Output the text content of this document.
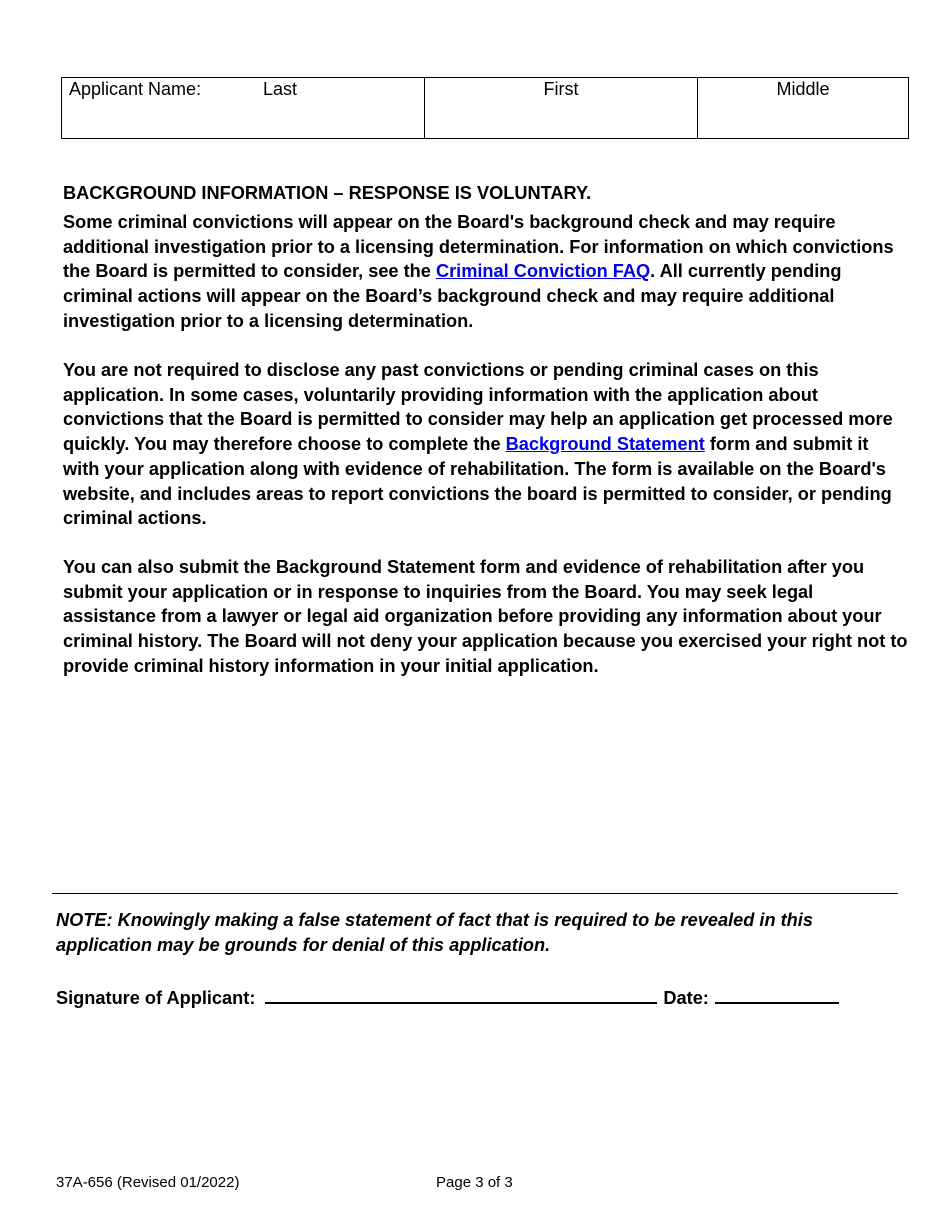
Applicant Name:	Last	First	Middle
BACKGROUND INFORMATION – RESPONSE IS VOLUNTARY.

Some criminal convictions will appear on the Board's background check and may require additional investigation prior to a licensing determination. For information on which convictions the Board is permitted to consider, see the Criminal Conviction FAQ. All currently pending criminal actions will appear on the Board’s background check and may require additional investigation prior to a licensing determination.

You are not required to disclose any past convictions or pending criminal cases on this application. In some cases, voluntarily providing information with the application about convictions that the Board is permitted to consider may help an application get processed more quickly. You may therefore choose to complete the Background Statement form and submit it with your application along with evidence of rehabilitation. The form is available on the Board's website, and includes areas to report convictions the board is permitted to consider, or pending criminal actions.

You can also submit the Background Statement form and evidence of rehabilitation after you submit your application or in response to inquiries from the Board. You may seek legal assistance from a lawyer or legal aid organization before providing any information about your criminal history. The Board will not deny your application because you exercised your right not to provide criminal history information in your initial application.

NOTE: Knowingly making a false statement of fact that is required to be revealed in this application may be grounds for denial of this application.
Signature of Applicant:	Date:
37A-656 (Revised 01/2022)	Page 3 of 3
